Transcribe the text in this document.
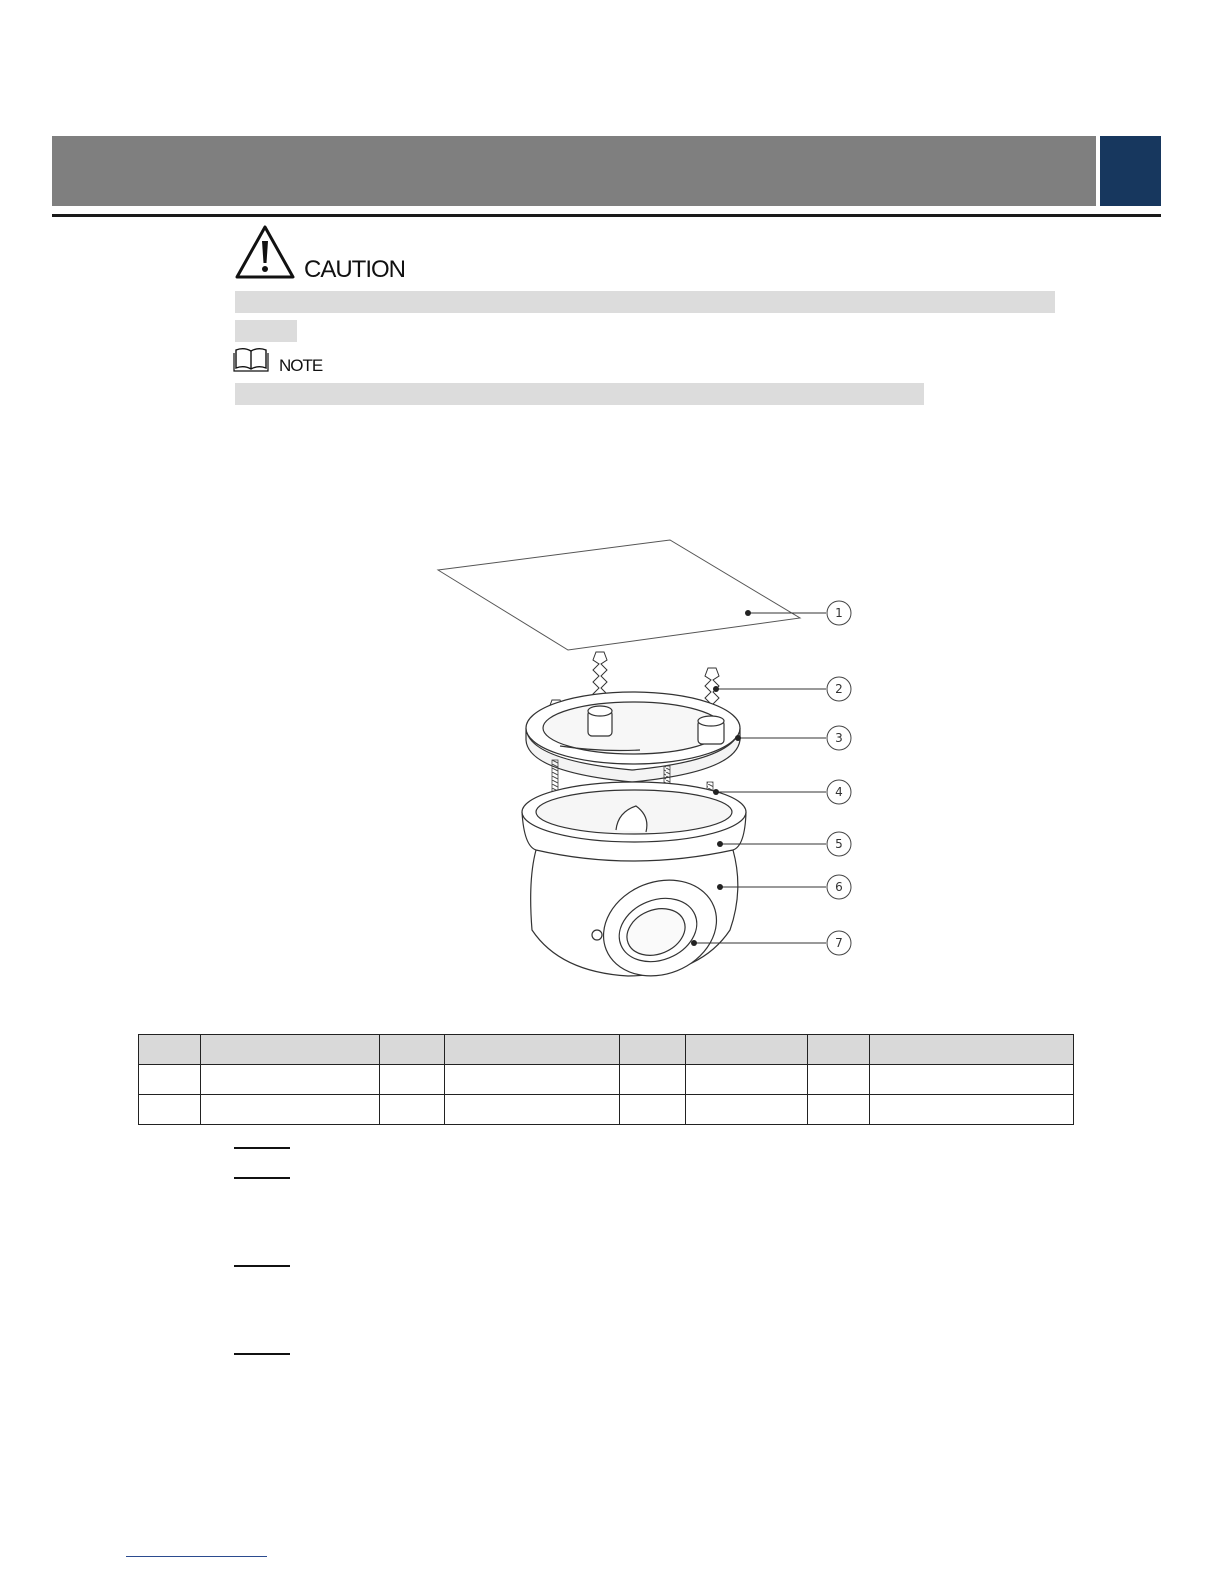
CAUTION
NOTE
1
2
3
4
5
6
7
